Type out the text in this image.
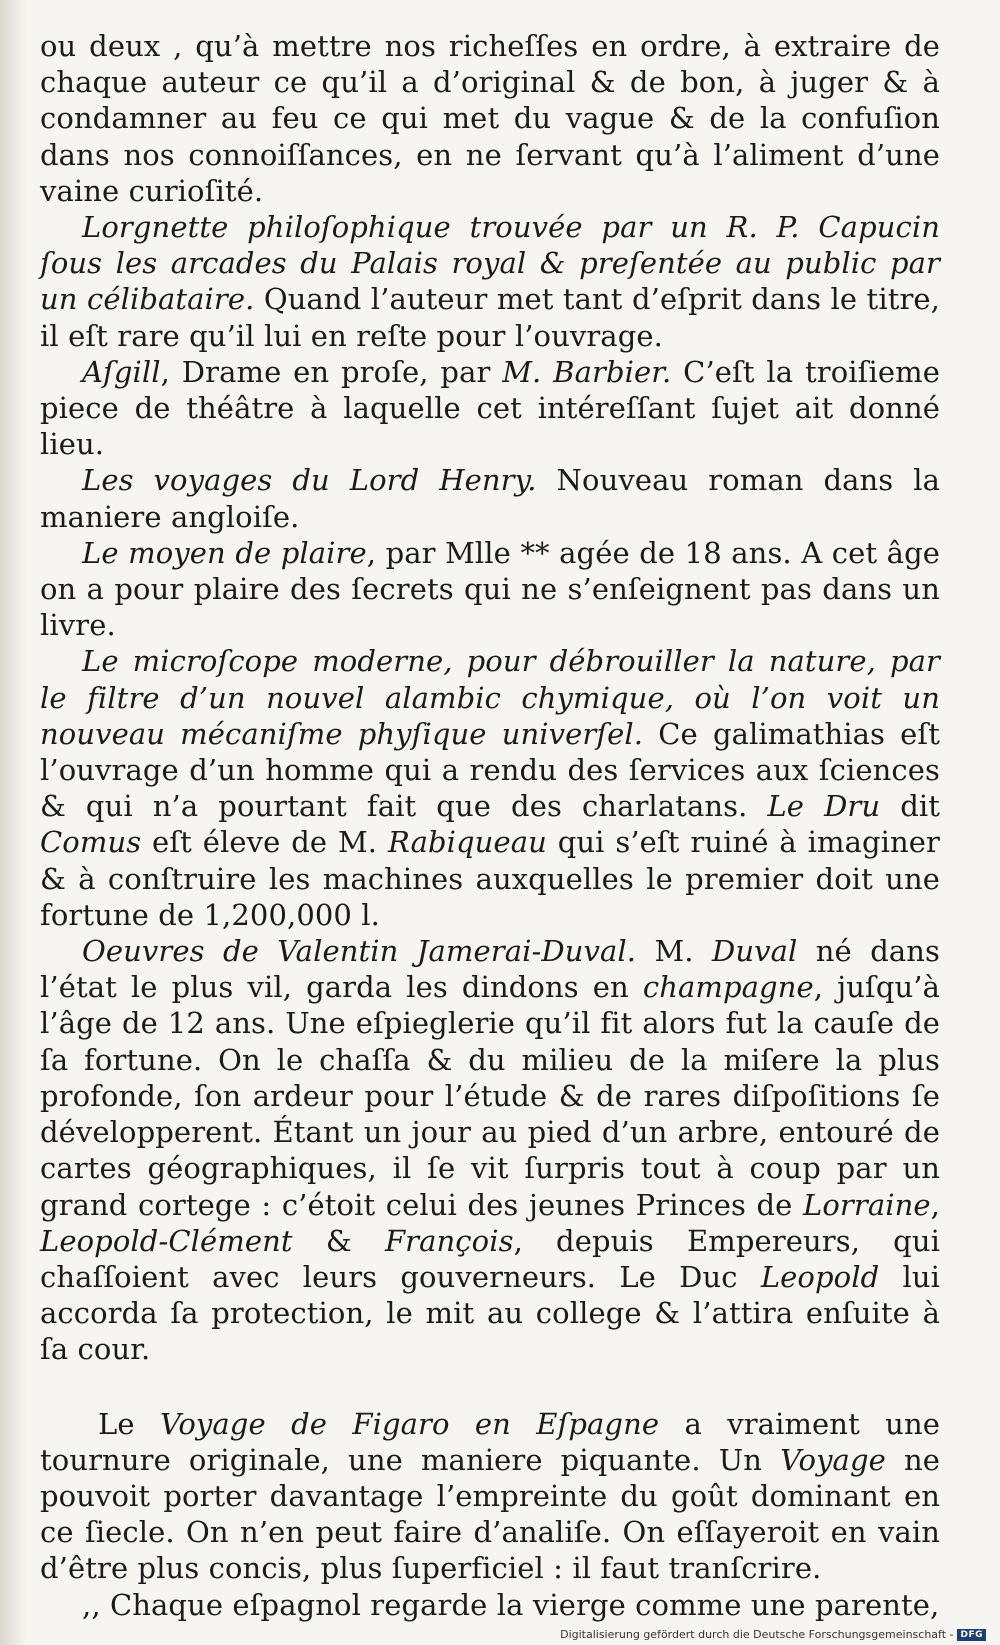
ou deux , qu’à mettre nos richeſſes en ordre, à extraire de chaque auteur ce qu’il a d’original & de bon, à juger & à condamner au feu ce qui met du vague & de la confuſion dans nos connoiſſances, en ne ſervant qu’à l’aliment d’une vaine curioſité.

Lorgnette philoſophique trouvée par un R. P. Capucin ſous les arcades du Palais royal & preſentée au public par un célibataire. Quand l’auteur met tant d’eſprit dans le titre, il eſt rare qu’il lui en reſte pour l’ouvrage.

Aſgill, Drame en proſe, par M. Barbier. C’eſt la troiſieme piece de théâtre à laquelle cet intéreſſant ſujet ait donné lieu.

Les voyages du Lord Henry. Nouveau roman dans la maniere angloiſe.

Le moyen de plaire, par Mlle ** agée de 18 ans. A cet âge on a pour plaire des ſecrets qui ne s’enſeignent pas dans un livre.

Le microſcope moderne, pour débrouiller la nature, par le filtre d’un nouvel alambic chymique, où l’on voit un nouveau mécaniſme phyſique univerſel. Ce galimathias eſt l’ouvrage d’un homme qui a rendu des ſervices aux ſciences & qui n’a pourtant fait que des charlatans. Le Dru dit Comus eſt éleve de M. Rabiqueau qui s’eſt ruiné à imaginer & à conſtruire les machines auxquelles le premier doit une fortune de 1,200,000 l.

Oeuvres de Valentin Jamerai-Duval. M. Duval né dans l’état le plus vil, garda les dindons en champagne, juſqu’à l’âge de 12 ans. Une eſpieglerie qu’il fit alors fut la cauſe de ſa fortune. On le chaſſa & du milieu de la miſere la plus profonde, ſon ardeur pour l’étude & de rares diſpoſitions ſe développerent. Étant un jour au pied d’un arbre, entouré de cartes géographiques, il ſe vit ſurpris tout à coup par un grand cortege : c’étoit celui des jeunes Princes de Lorraine, Leopold-Clément & François, depuis Empereurs, qui chaſſoient avec leurs gouverneurs. Le Duc Leopold lui accorda ſa protection, le mit au college & l’attira enſuite à ſa cour.

Le Voyage de Figaro en Eſpagne a vraiment une tournure originale, une maniere piquante. Un Voyage ne pouvoit porter davantage l’empreinte du goût dominant en ce ſiecle. On n’en peut faire d’analiſe. On eſſayeroit en vain d’être plus concis, plus ſuperficiel : il faut tranſcrire.

,, Chaque eſpagnol regarde la vierge comme une parente,

Digitalisierung gefördert durch die Deutsche Forschungsgemeinschaft - DFG
